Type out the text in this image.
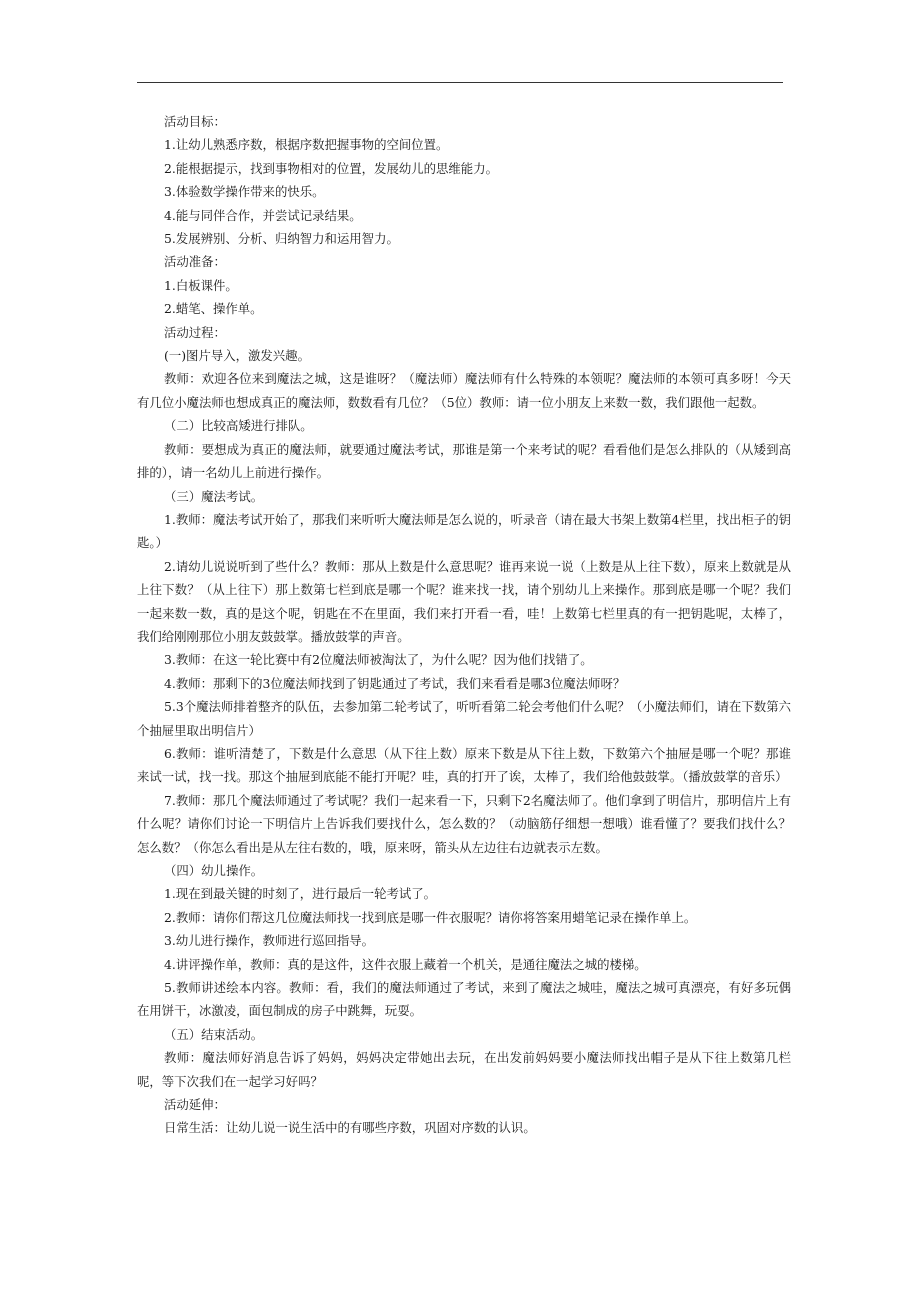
活动目标：

1.让幼儿熟悉序数，根据序数把握事物的空间位置。

2.能根据提示，找到事物相对的位置，发展幼儿的思维能力。

3.体验数学操作带来的快乐。

4.能与同伴合作，并尝试记录结果。

5.发展辨别、分析、归纳智力和运用智力。

活动准备：

1.白板课件。

2.蜡笔、操作单。

活动过程：

(一)图片导入，激发兴趣。

教师：欢迎各位来到魔法之城，这是谁呀？（魔法师）魔法师有什么特殊的本领呢？魔法师的本领可真多呀！今天有几位小魔法师也想成真正的魔法师，数数看有几位？（5位）教师：请一位小朋友上来数一数，我们跟他一起数。

（二）比较高矮进行排队。

教师：要想成为真正的魔法师，就要通过魔法考试，那谁是第一个来考试的呢？看看他们是怎么排队的（从矮到高排的），请一名幼儿上前进行操作。

（三）魔法考试。

1.教师：魔法考试开始了，那我们来听听大魔法师是怎么说的，听录音（请在最大书架上数第4栏里，找出柜子的钥匙。）

2.请幼儿说说听到了些什么？教师：那从上数是什么意思呢？谁再来说一说（上数是从上往下数），原来上数就是从上往下数？（从上往下）那上数第七栏到底是哪一个呢？谁来找一找，请个别幼儿上来操作。那到底是哪一个呢？我们一起来数一数，真的是这个呢，钥匙在不在里面，我们来打开看一看，哇！上数第七栏里真的有一把钥匙呢，太棒了，我们给刚刚那位小朋友鼓鼓掌。播放鼓掌的声音。

3.教师：在这一轮比赛中有2位魔法师被淘汰了，为什么呢？因为他们找错了。

4.教师：那剩下的3位魔法师找到了钥匙通过了考试，我们来看看是哪3位魔法师呀？

5.3个魔法师排着整齐的队伍，去参加第二轮考试了，听听看第二轮会考他们什么呢？（小魔法师们，请在下数第六个抽屉里取出明信片）

6.教师：谁听清楚了，下数是什么意思（从下往上数）原来下数是从下往上数，下数第六个抽屉是哪一个呢？那谁来试一试，找一找。那这个抽屉到底能不能打开呢？哇，真的打开了诶，太棒了，我们给他鼓鼓掌。（播放鼓掌的音乐）

7.教师：那几个魔法师通过了考试呢？我们一起来看一下，只剩下2名魔法师了。他们拿到了明信片，那明信片上有什么呢？请你们讨论一下明信片上告诉我们要找什么，怎么数的？（动脑筋仔细想一想哦）谁看懂了？要我们找什么？怎么数？（你怎么看出是从左往右数的，哦，原来呀，箭头从左边往右边就表示左数。

（四）幼儿操作。

1.现在到最关键的时刻了，进行最后一轮考试了。

2.教师：请你们帮这几位魔法师找一找到底是哪一件衣服呢？请你将答案用蜡笔记录在操作单上。

3.幼儿进行操作，教师进行巡回指导。

4.讲评操作单，教师：真的是这件，这件衣服上藏着一个机关，是通往魔法之城的楼梯。

5.教师讲述绘本内容。教师：看，我们的魔法师通过了考试，来到了魔法之城哇，魔法之城可真漂亮，有好多玩偶在用饼干，冰激凌，面包制成的房子中跳舞，玩耍。

（五）结束活动。

教师：魔法师好消息告诉了妈妈，妈妈决定带她出去玩，在出发前妈妈要小魔法师找出帽子是从下往上数第几栏呢，等下次我们在一起学习好吗？

活动延伸：

日常生活：让幼儿说一说生活中的有哪些序数，巩固对序数的认识。
